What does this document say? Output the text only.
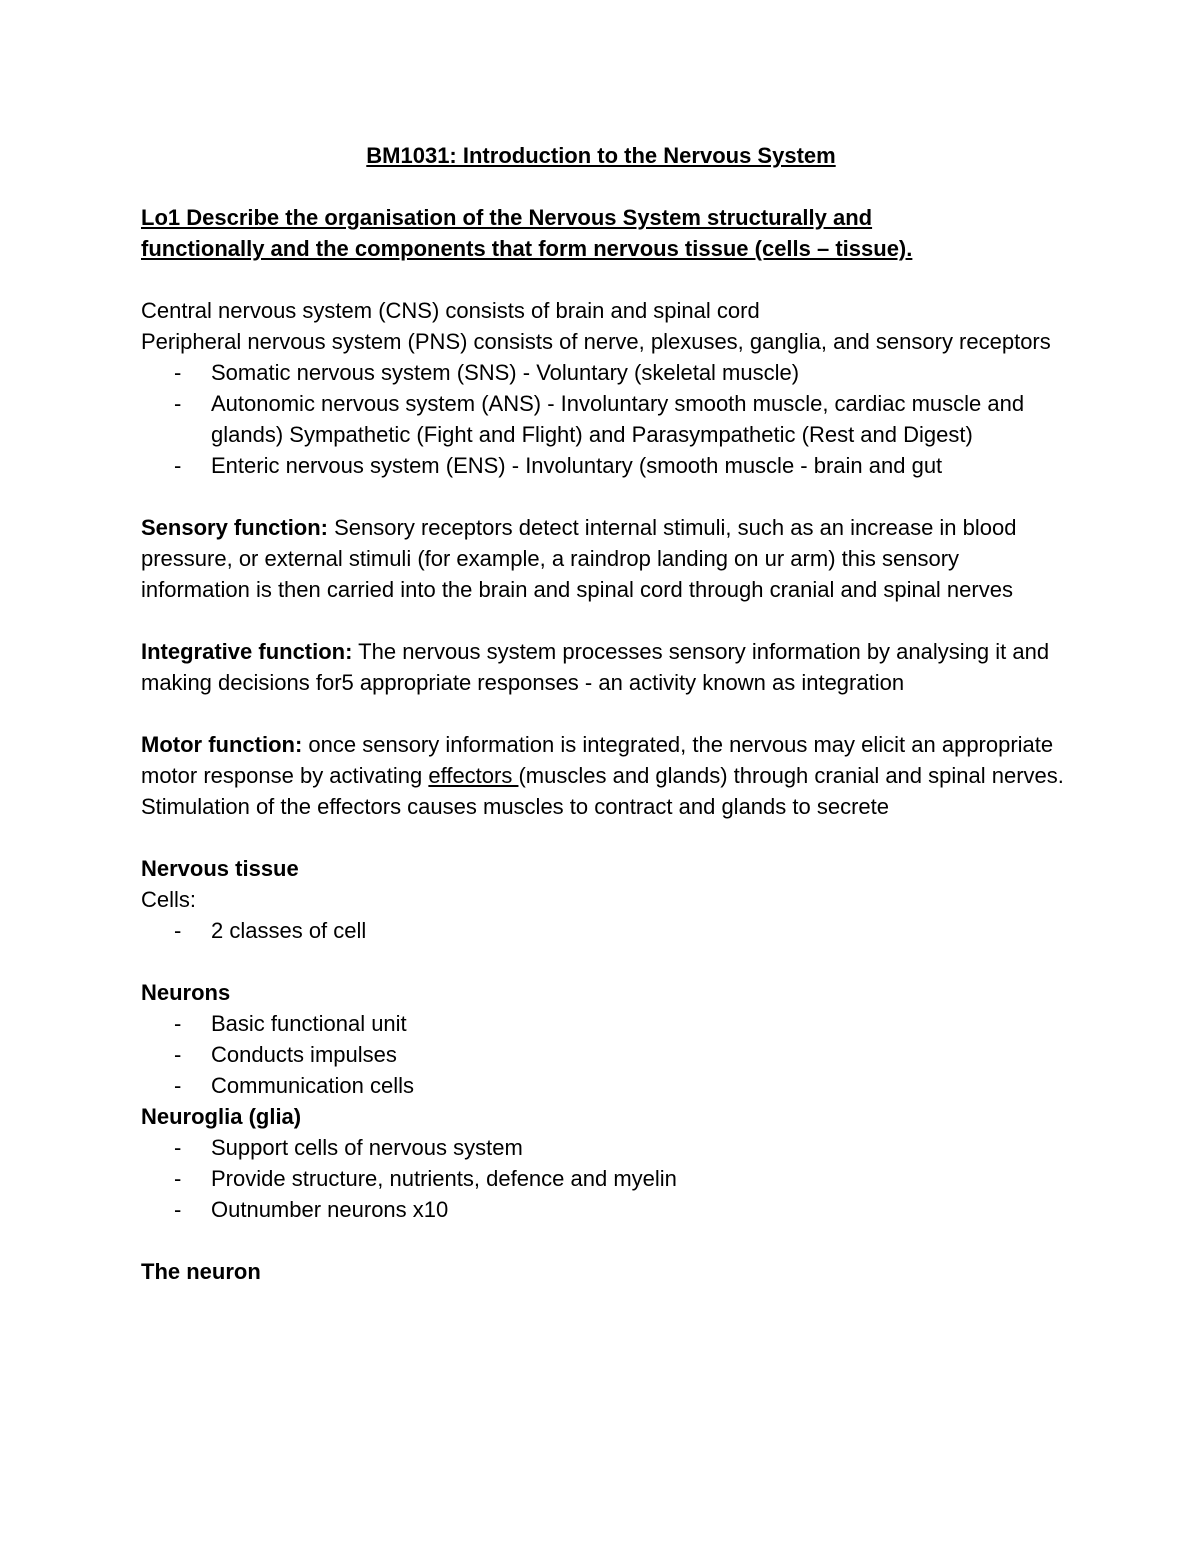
BM1031: Introduction to the Nervous System

Lo1 Describe the organisation of the Nervous System structurally and

functionally and the components that form nervous tissue (cells – tissue).

Central nervous system (CNS) consists of brain and spinal cord

Peripheral nervous system (PNS) consists of nerve, plexuses, ganglia, and sensory receptors

- Somatic nervous system (SNS) - Voluntary (skeletal muscle)
- Autonomic nervous system (ANS) - Involuntary smooth muscle, cardiac muscle and glands) Sympathetic (Fight and Flight) and Parasympathetic (Rest and Digest)
- Enteric nervous system (ENS) - Involuntary (smooth muscle - brain and gut

Sensory function: Sensory receptors detect internal stimuli, such as an increase in blood pressure, or external stimuli (for example, a raindrop landing on ur arm) this sensory information is then carried into the brain and spinal cord through cranial and spinal nerves

Integrative function: The nervous system processes sensory information by analysing it and making decisions for5 appropriate responses - an activity known as integration

Motor function: once sensory information is integrated, the nervous may elicit an appropriate motor response by activating effectors (muscles and glands) through cranial and spinal nerves. Stimulation of the effectors causes muscles to contract and glands to secrete

Nervous tissue

Cells:

- 2 classes of cell

Neurons

- Basic functional unit
- Conducts impulses
- Communication cells

Neuroglia (glia)

- Support cells of nervous system
- Provide structure, nutrients, defence and myelin
- Outnumber neurons x10

The neuron
